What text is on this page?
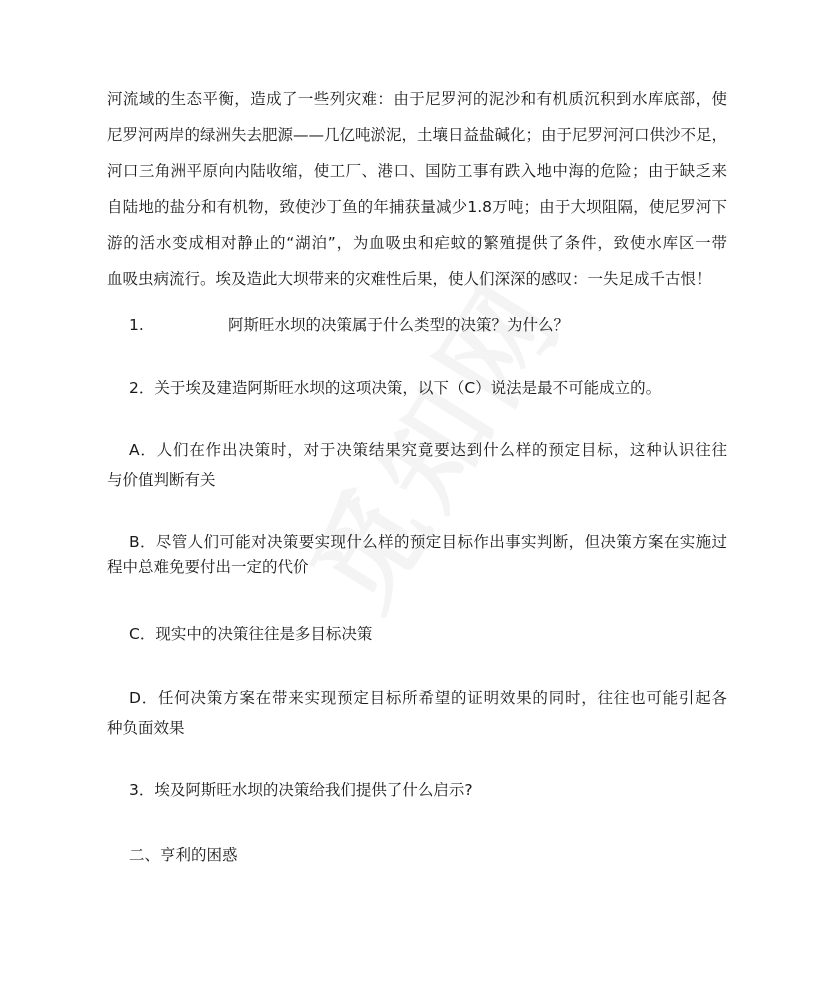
河流域的生态平衡，造成了一些列灾难：由于尼罗河的泥沙和有机质沉积到水库底部，使
尼罗河两岸的绿洲失去肥源——几亿吨淤泥，土壤日益盐碱化；由于尼罗河河口供沙不足，
河口三角洲平原向内陆收缩，使工厂、港口、国防工事有跌入地中海的危险；由于缺乏来
自陆地的盐分和有机物，致使沙丁鱼的年捕获量减少1.8万吨；由于大坝阻隔，使尼罗河下
游的活水变成相对静止的“湖泊”，为血吸虫和疟蚊的繁殖提供了条件，致使水库区一带
血吸虫病流行。埃及造此大坝带来的灾难性后果，使人们深深的感叹：一失足成千古恨！
1.	阿斯旺水坝的决策属于什么类型的决策？为什么？
2．关于埃及建造阿斯旺水坝的这项决策，以下（C）说法是最不可能成立的。
A．人们在作出决策时，对于决策结果究竟要达到什么样的预定目标，这种认识往往
与价值判断有关
B．尽管人们可能对决策要实现什么样的预定目标作出事实判断，但决策方案在实施过
程中总难免要付出一定的代价
C．现实中的决策往往是多目标决策
D．任何决策方案在带来实现预定目标所希望的证明效果的同时，往往也可能引起各
种负面效果
3．埃及阿斯旺水坝的决策给我们提供了什么启示?
二、亨利的困惑
